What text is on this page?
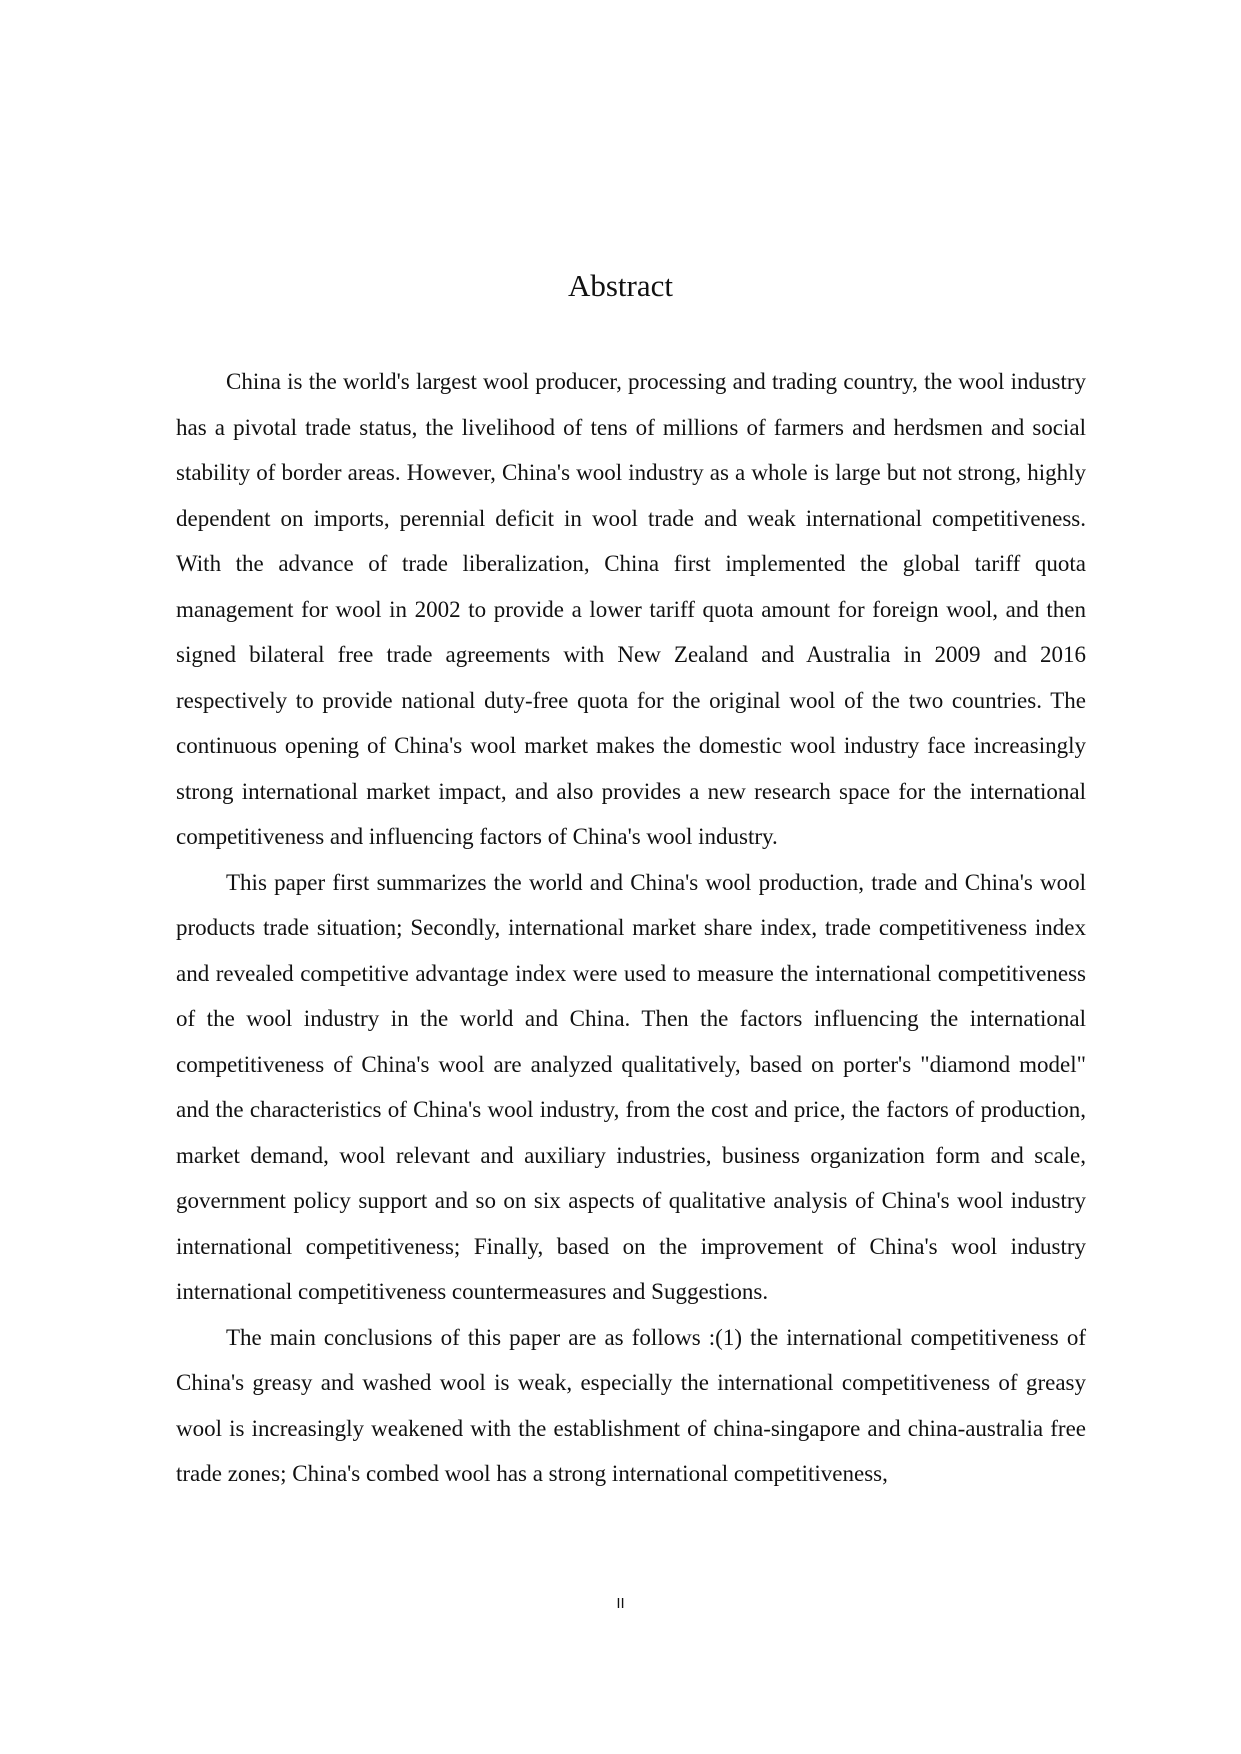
Abstract

China is the world's largest wool producer, processing and trading country, the wool industry has a pivotal trade status, the livelihood of tens of millions of farmers and herdsmen and social stability of border areas. However, China's wool industry as a whole is large but not strong, highly dependent on imports, perennial deficit in wool trade and weak international competitiveness. With the advance of trade liberalization, China first implemented the global tariff quota management for wool in 2002 to provide a lower tariff quota amount for foreign wool, and then signed bilateral free trade agreements with New Zealand and Australia in 2009 and 2016 respectively to provide national duty-free quota for the original wool of the two countries. The continuous opening of China's wool market makes the domestic wool industry face increasingly strong international market impact, and also provides a new research space for the international competitiveness and influencing factors of China's wool industry.

This paper first summarizes the world and China's wool production, trade and China's wool products trade situation; Secondly, international market share index, trade competitiveness index and revealed competitive advantage index were used to measure the international competitiveness of the wool industry in the world and China. Then the factors influencing the international competitiveness of China's wool are analyzed qualitatively, based on porter's "diamond model" and the characteristics of China's wool industry, from the cost and price, the factors of production, market demand, wool relevant and auxiliary industries, business organization form and scale, government policy support and so on six aspects of qualitative analysis of China's wool industry international competitiveness; Finally, based on the improvement of China's wool industry international competitiveness countermeasures and Suggestions.

The main conclusions of this paper are as follows :(1) the international competitiveness of China's greasy and washed wool is weak, especially the international competitiveness of greasy wool is increasingly weakened with the establishment of china-singapore and china-australia free trade zones; China's combed wool has a strong international competitiveness,

II
